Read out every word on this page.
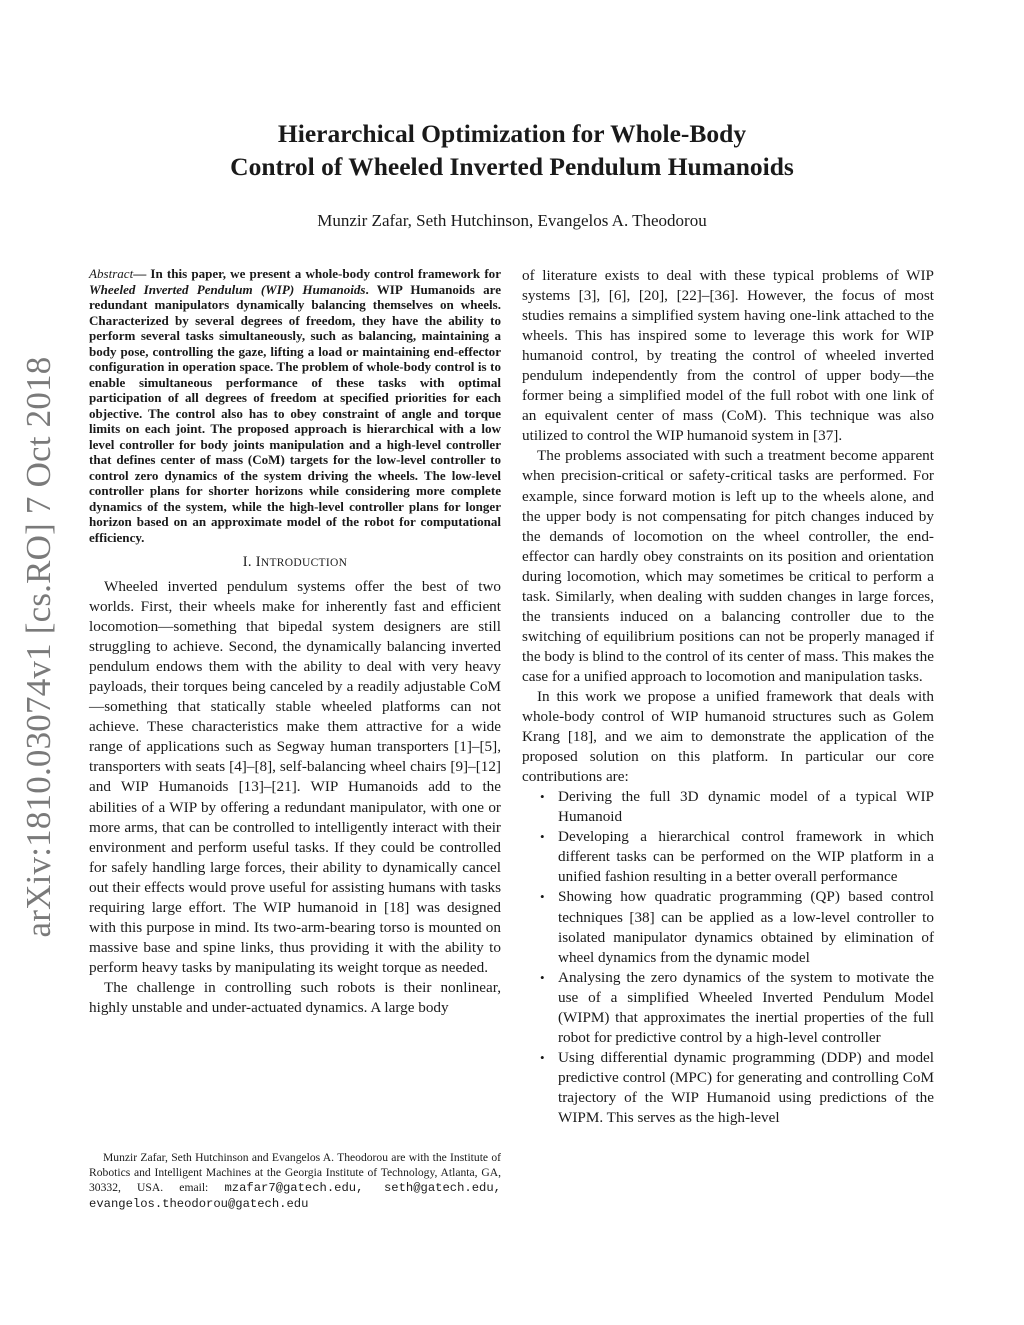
arXiv:1810.03074v1 [cs.RO] 7 Oct 2018
Hierarchical Optimization for Whole-Body
Control of Wheeled Inverted Pendulum Humanoids
Munzir Zafar, Seth Hutchinson, Evangelos A. Theodorou

Abstract— In this paper, we present a whole-body control framework for Wheeled Inverted Pendulum (WIP) Humanoids. WIP Humanoids are redundant manipulators dynamically balancing themselves on wheels. Characterized by several degrees of freedom, they have the ability to perform several tasks simultaneously, such as balancing, maintaining a body pose, controlling the gaze, lifting a load or maintaining end-effector configuration in operation space. The problem of whole-body control is to enable simultaneous performance of these tasks with optimal participation of all degrees of freedom at specified priorities for each objective. The control also has to obey constraint of angle and torque limits on each joint. The proposed approach is hierarchical with a low level controller for body joints manipulation and a high-level controller that defines center of mass (CoM) targets for the low-level controller to control zero dynamics of the system driving the wheels. The low-level controller plans for shorter horizons while considering more complete dynamics of the system, while the high-level controller plans for longer horizon based on an approximate model of the robot for computational efficiency.

I. INTRODUCTION

Wheeled inverted pendulum systems offer the best of two worlds. First, their wheels make for inherently fast and efficient locomotion—something that bipedal system designers are still struggling to achieve. Second, the dynamically balancing inverted pendulum endows them with the ability to deal with very heavy payloads, their torques being canceled by a readily adjustable CoM—something that statically stable wheeled platforms can not achieve. These characteristics make them attractive for a wide range of applications such as Segway human transporters [1]–[5], transporters with seats [4]–[8], self-balancing wheel chairs [9]–[12] and WIP Humanoids [13]–[21]. WIP Humanoids add to the abilities of a WIP by offering a redundant manipulator, with one or more arms, that can be controlled to intelligently interact with their environment and perform useful tasks. If they could be controlled for safely handling large forces, their ability to dynamically cancel out their effects would prove useful for assisting humans with tasks requiring large effort. The WIP humanoid in [18] was designed with this purpose in mind. Its two-arm-bearing torso is mounted on massive base and spine links, thus providing it with the ability to perform heavy tasks by manipulating its weight torque as needed.

The challenge in controlling such robots is their nonlinear, highly unstable and under-actuated dynamics. A large body

Munzir Zafar, Seth Hutchinson and Evangelos A. Theodorou are with the Institute of Robotics and Intelligent Machines at the Georgia Institute of Technology, Atlanta, GA, 30332, USA. email: mzafar7@gatech.edu, seth@gatech.edu, evangelos.theodorou@gatech.edu

of literature exists to deal with these typical problems of WIP systems [3], [6], [20], [22]–[36]. However, the focus of most studies remains a simplified system having one-link attached to the wheels. This has inspired some to leverage this work for WIP humanoid control, by treating the control of wheeled inverted pendulum independently from the control of upper body—the former being a simplified model of the full robot with one link of an equivalent center of mass (CoM). This technique was also utilized to control the WIP humanoid system in [37].

The problems associated with such a treatment become apparent when precision-critical or safety-critical tasks are performed. For example, since forward motion is left up to the wheels alone, and the upper body is not compensating for pitch changes induced by the demands of locomotion on the wheel controller, the end-effector can hardly obey constraints on its position and orientation during locomotion, which may sometimes be critical to perform a task. Similarly, when dealing with sudden changes in large forces, the transients induced on a balancing controller due to the switching of equilibrium positions can not be properly managed if the body is blind to the control of its center of mass. This makes the case for a unified approach to locomotion and manipulation tasks.

In this work we propose a unified framework that deals with whole-body control of WIP humanoid structures such as Golem Krang [18], and we aim to demonstrate the application of the proposed solution on this platform. In particular our core contributions are:

• Deriving the full 3D dynamic model of a typical WIP Humanoid
• Developing a hierarchical control framework in which different tasks can be performed on the WIP platform in a unified fashion resulting in a better overall performance
• Showing how quadratic programming (QP) based control techniques [38] can be applied as a low-level controller to isolated manipulator dynamics obtained by elimination of wheel dynamics from the dynamic model
• Analysing the zero dynamics of the system to motivate the use of a simplified Wheeled Inverted Pendulum Model (WIPM) that approximates the inertial properties of the full robot for predictive control by a high-level controller
• Using differential dynamic programming (DDP) and model predictive control (MPC) for generating and controlling CoM trajectory of the WIP Humanoid using predictions of the WIPM. This serves as the high-level
